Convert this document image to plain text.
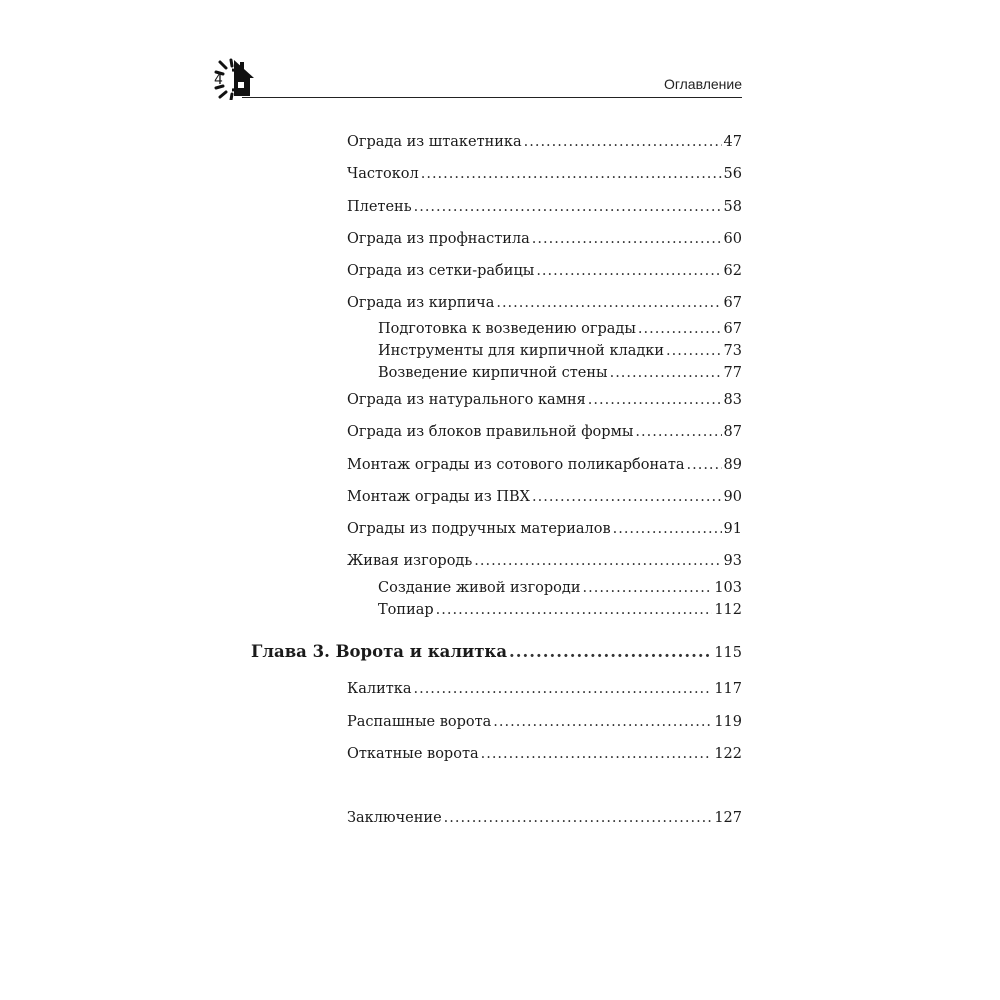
4	Оглавление
Ограда из штакетника .....	47
Частокол .....	56
Плетень .....	58
Ограда из профнастила .....	60
Ограда из сетки-рабицы .....	62
Ограда из кирпича .....	67
Подготовка к возведению ограды .....	67
Инструменты для кирпичной кладки .....	73
Возведение кирпичной стены .....	77
Ограда из натурального камня .....	83
Ограда из блоков правильной формы .....	87
Монтаж ограды из сотового поликарбоната .....	89
Монтаж ограды из ПВХ .....	90
Ограды из подручных материалов .....	91
Живая изгородь .....	93
Создание живой изгороди .....	103
Топиар .....	112
Глава 3. Ворота и калитка .....	115
Калитка .....	117
Распашные ворота .....	119
Откатные ворота .....	122
Заключение .....	127
